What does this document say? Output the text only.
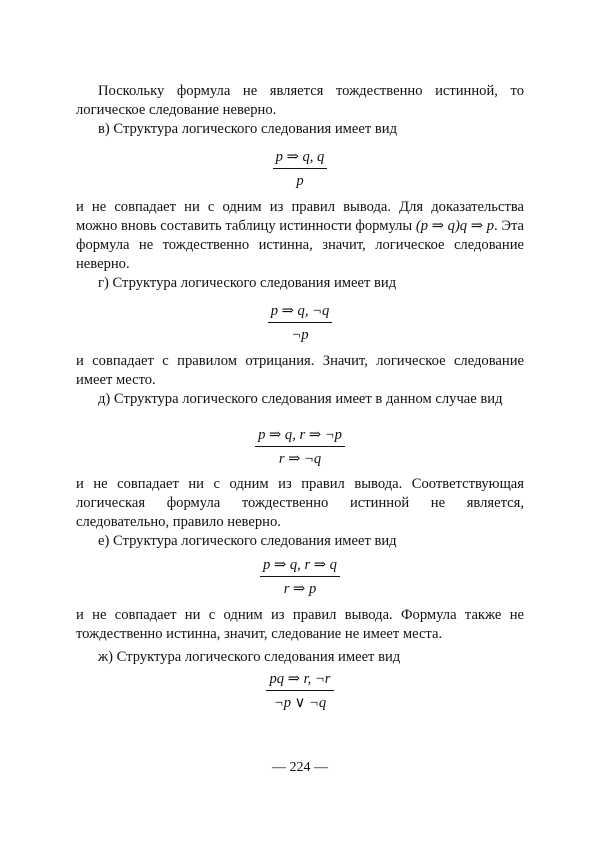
Поскольку формула не является тождественно истинной, то логическое следование неверно.

в) Структура логического следования имеет вид

$\frac{p \Rightarrow q, q}{p}$

и не совпадает ни с одним из правил вывода. Для доказательства можно вновь составить таблицу истинности формулы (p ⇒ q)q ⇒ p. Эта формула не тождественно истинна, значит, логическое следование неверно.

г) Структура логического следования имеет вид

$\frac{p \Rightarrow q, \neg q}{\neg p}$

и совпадает с правилом отрицания. Значит, логическое следование имеет место.

д) Структура логического следования имеет в данном случае вид

$\frac{p \Rightarrow q, r \Rightarrow \neg p}{r \Rightarrow \neg q}$

и не совпадает ни с одним из правил вывода. Соответствующая логическая формула тождественно истинной не является, следовательно, правило неверно.

е) Структура логического следования имеет вид

$\frac{p \Rightarrow q, r \Rightarrow q}{r \Rightarrow p}$

и не совпадает ни с одним из правил вывода. Формула также не тождественно истинна, значит, следование не имеет места.

ж) Структура логического следования имеет вид

$\frac{pq \Rightarrow r, \neg r}{\neg p \vee \neg q}$
— 224 —
